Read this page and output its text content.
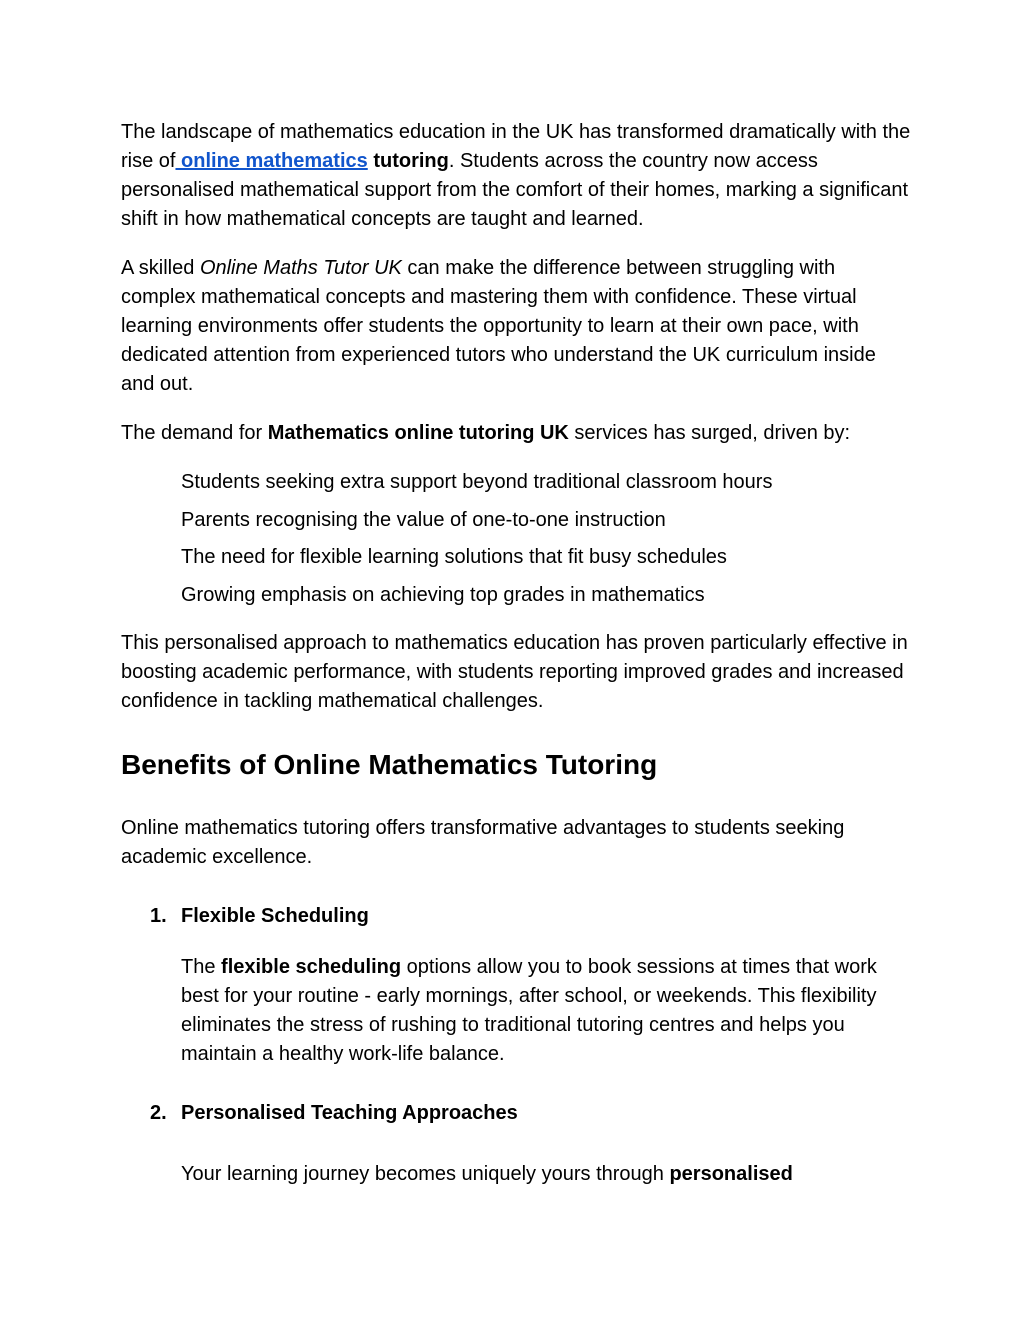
The landscape of mathematics education in the UK has transformed dramatically with the rise of online mathematics tutoring. Students across the country now access personalised mathematical support from the comfort of their homes, marking a significant shift in how mathematical concepts are taught and learned.

A skilled Online Maths Tutor UK can make the difference between struggling with complex mathematical concepts and mastering them with confidence. These virtual learning environments offer students the opportunity to learn at their own pace, with dedicated attention from experienced tutors who understand the UK curriculum inside and out.

The demand for Mathematics online tutoring UK services has surged, driven by:

Students seeking extra support beyond traditional classroom hours
Parents recognising the value of one-to-one instruction
The need for flexible learning solutions that fit busy schedules
Growing emphasis on achieving top grades in mathematics

This personalised approach to mathematics education has proven particularly effective in boosting academic performance, with students reporting improved grades and increased confidence in tackling mathematical challenges.

Benefits of Online Mathematics Tutoring

Online mathematics tutoring offers transformative advantages to students seeking academic excellence.

1. Flexible Scheduling

The flexible scheduling options allow you to book sessions at times that work best for your routine - early mornings, after school, or weekends. This flexibility eliminates the stress of rushing to traditional tutoring centres and helps you maintain a healthy work-life balance.

2. Personalised Teaching Approaches

Your learning journey becomes uniquely yours through personalised
